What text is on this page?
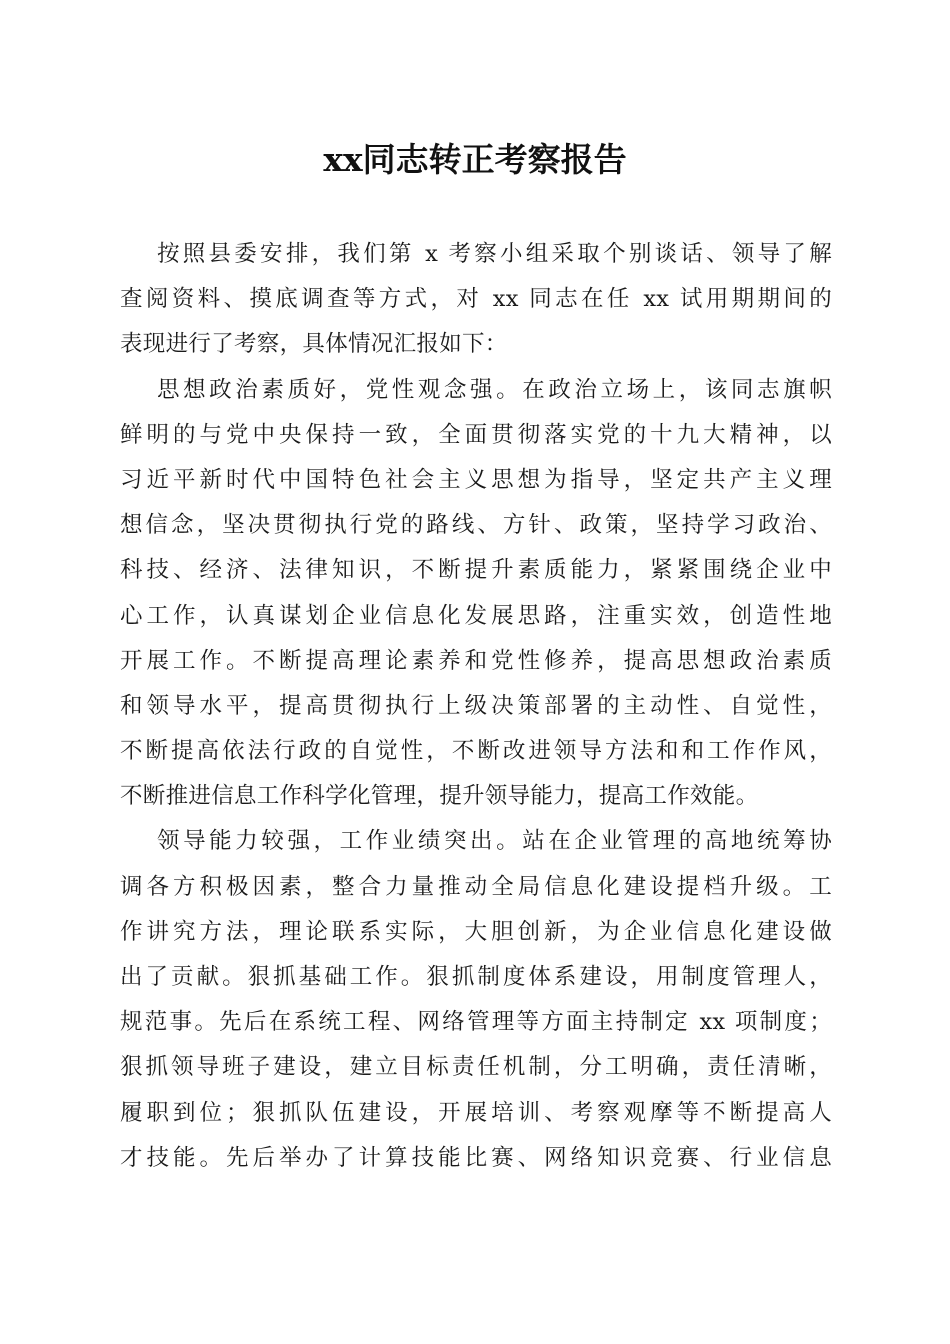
xx同志转正考察报告
按照县委安排，我们第 x 考察小组采取个别谈话、领导了解
查阅资料、摸底调查等方式，对 xx 同志在任 xx 试用期期间的
表现进行了考察，具体情况汇报如下：
思想政治素质好，党性观念强。在政治立场上，该同志旗帜
鲜明的与党中央保持一致，全面贯彻落实党的十九大精神，以
习近平新时代中国特色社会主义思想为指导，坚定共产主义理
想信念，坚决贯彻执行党的路线、方针、政策，坚持学习政治、
科技、经济、法律知识，不断提升素质能力，紧紧围绕企业中
心工作，认真谋划企业信息化发展思路，注重实效，创造性地
开展工作。不断提高理论素养和党性修养，提高思想政治素质
和领导水平，提高贯彻执行上级决策部署的主动性、自觉性，
不断提高依法行政的自觉性，不断改进领导方法和和工作作风，
不断推进信息工作科学化管理，提升领导能力，提高工作效能。
领导能力较强，工作业绩突出。站在企业管理的高地统筹协
调各方积极因素，整合力量推动全局信息化建设提档升级。工
作讲究方法，理论联系实际，大胆创新，为企业信息化建设做
出了贡献。狠抓基础工作。狠抓制度体系建设，用制度管理人，
规范事。先后在系统工程、网络管理等方面主持制定 xx 项制度；
狠抓领导班子建设，建立目标责任机制，分工明确，责任清晰，
履职到位；狠抓队伍建设，开展培训、考察观摩等不断提高人
才技能。先后举办了计算技能比赛、网络知识竞赛、行业信息
